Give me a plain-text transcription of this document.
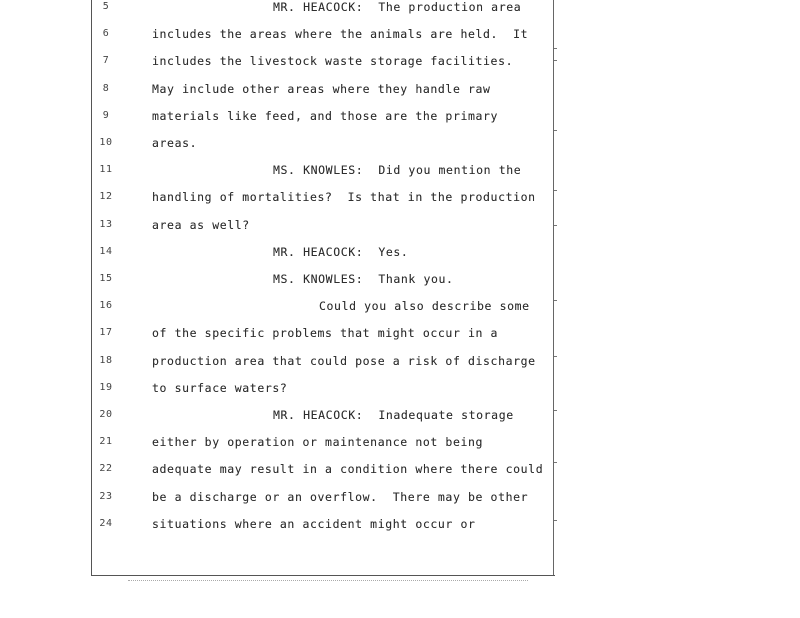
5	MR. HEACOCK:  The production area
6	includes the areas where the animals are held.  It
7	includes the livestock waste storage facilities.
8	May include other areas where they handle raw
9	materials like feed, and those are the primary
10	areas.
11	MS. KNOWLES:  Did you mention the
12	handling of mortalities?  Is that in the production
13	area as well?
14	MR. HEACOCK:  Yes.
15	MS. KNOWLES:  Thank you.
16	Could you also describe some
17	of the specific problems that might occur in a
18	production area that could pose a risk of discharge
19	to surface waters?
20	MR. HEACOCK:  Inadequate storage
21	either by operation or maintenance not being
22	adequate may result in a condition where there could
23	be a discharge or an overflow.  There may be other
24	situations where an accident might occur or
